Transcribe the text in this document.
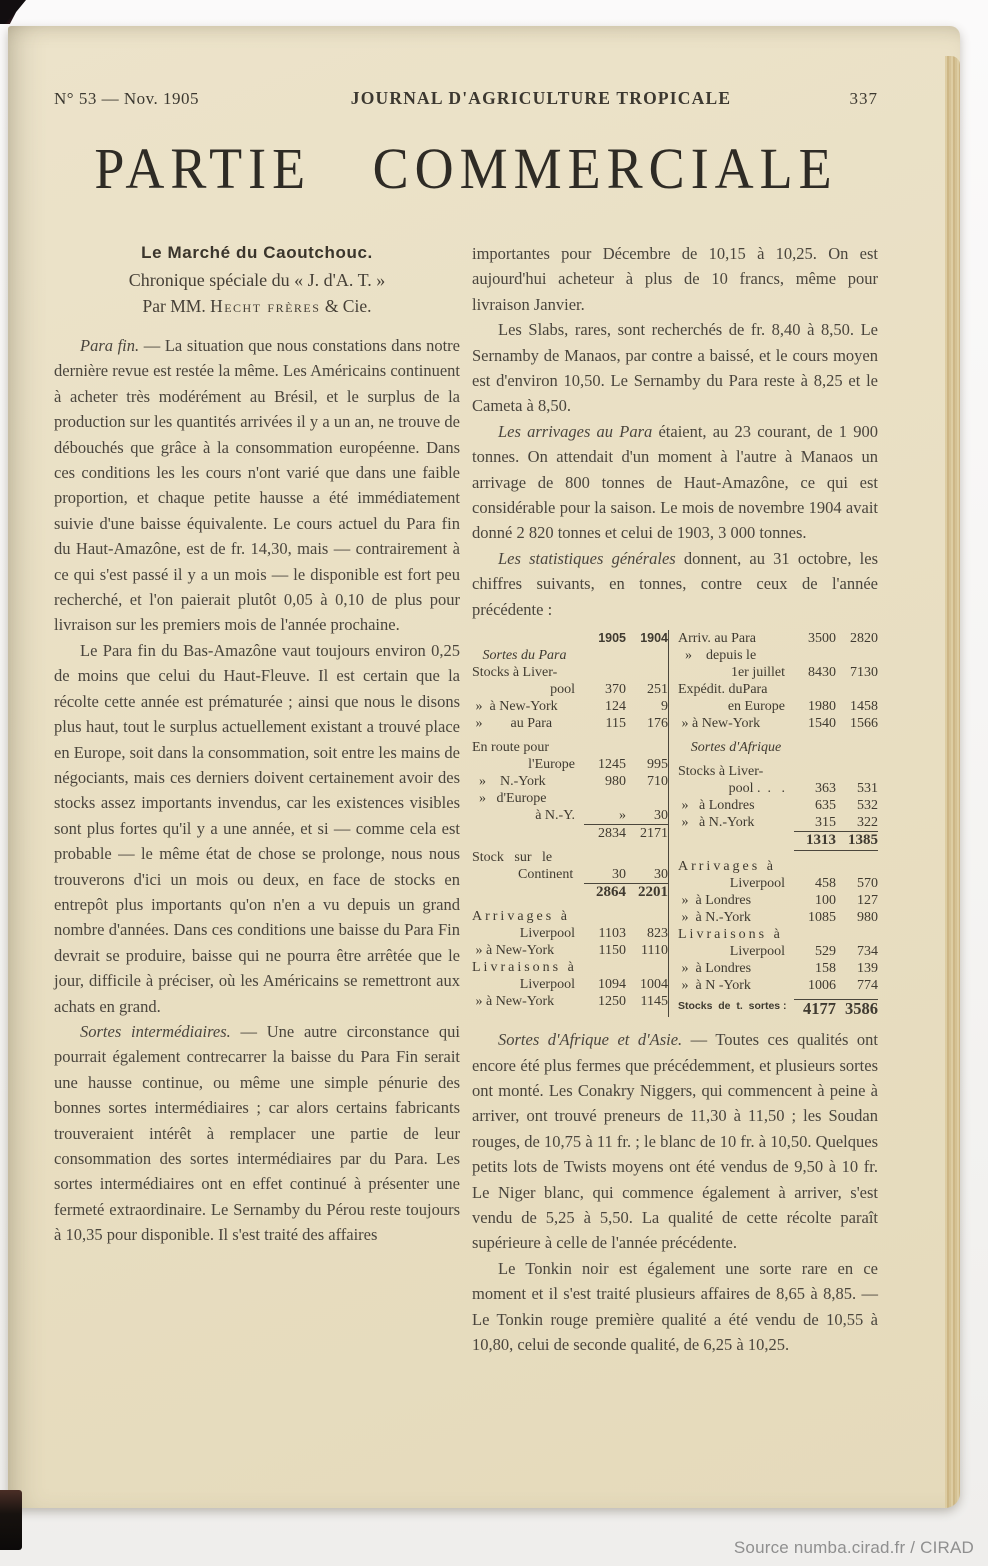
N° 53 — Nov. 1905	JOURNAL D'AGRICULTURE TROPICALE	337
PARTIE COMMERCIALE
Le Marché du Caoutchouc.
Chronique spéciale du « J. d'A. T. »
Par MM. Hecht frères & Cie.

Para fin. — La situation que nous constations dans notre dernière revue est restée la même. Les Américains continuent à acheter très modérément au Brésil, et le surplus de la production sur les quantités arrivées il y a un an, ne trouve de débouchés que grâce à la consommation européenne. Dans ces conditions les les cours n'ont varié que dans une faible proportion, et chaque petite hausse a été immédiatement suivie d'une baisse équivalente. Le cours actuel du Para fin du Haut-Amazône, est de fr. 14,30, mais — contrairement à ce qui s'est passé il y a un mois — le disponible est fort peu recherché, et l'on paierait plutôt 0,05 à 0,10 de plus pour livraison sur les premiers mois de l'année prochaine.

Le Para fin du Bas-Amazône vaut toujours environ 0,25 de moins que celui du Haut-Fleuve. Il est certain que la récolte cette année est prématurée ; ainsi que nous le disons plus haut, tout le surplus actuellement existant a trouvé place en Europe, soit dans la consommation, soit entre les mains de négociants, mais ces derniers doivent certainement avoir des stocks assez importants invendus, car les existences visibles sont plus fortes qu'il y a une année, et si — comme cela est probable — le même état de chose se prolonge, nous nous trouverons d'ici un mois ou deux, en face de stocks en entrepôt plus importants qu'on n'en a vu depuis un grand nombre d'années. Dans ces conditions une baisse du Para Fin devrait se produire, baisse qui ne pourra être arrêtée que le jour, difficile à préciser, où les Américains se remettront aux achats en grand.

Sortes intermédiaires. — Une autre circonstance qui pourrait également contrecarrer la baisse du Para Fin serait une hausse continue, ou même une simple pénurie des bonnes sortes intermédiaires ; car alors certains fabricants trouveraient intérêt à remplacer une partie de leur consommation des sortes intermédiaires par du Para. Les sortes intermédiaires ont en effet continué à présenter une fermeté extraordinaire. Le Sernamby du Pérou reste toujours à 10,35 pour disponible. Il s'est traité des affaires

importantes pour Décembre de 10,15 à 10,25. On est aujourd'hui acheteur à plus de 10 francs, même pour livraison Janvier.

Les Slabs, rares, sont recherchés de fr. 8,40 à 8,50. Le Sernamby de Manaos, par contre a baissé, et le cours moyen est d'environ 10,50. Le Sernamby du Para reste à 8,25 et le Cameta à 8,50.

Les arrivages au Para étaient, au 23 courant, de 1 900 tonnes. On attendait d'un moment à l'autre à Manaos un arrivage de 800 tonnes de Haut-Amazône, ce qui est considérable pour la saison. Le mois de novembre 1904 avait donné 2 820 tonnes et celui de 1903, 3 000 tonnes.

Les statistiques générales donnent, au 31 octobre, les chiffres suivants, en tonnes, contre ceux de l'année précédente :

1905	1904
Sortes du Para
Stocks à Liver-
pool	370	251
»  à New-York	124	9
»        au Para	115	176
En route pour
l'Europe	1245	995
»    N.-York	980	710
»   d'Europe
à N.-Y.	»	30
2834	2171
Stock   sur   le
Continent	30	30
2864 2201
Arrivages à
Liverpool	1103	823
» à New-York	1150	1110
Livraisons à
Liverpool	1094	1004
» à New-York	1250	1145
Arriv. au Para	3500	2820
»    depuis le
1er juillet	8430	7130
Expédit. duPara
en Europe	1980	1458
» à New-York	1540	1566
Sortes d'Afrique
Stocks à Liver-
pool .  .   .	363	531
»   à Londres	635	532
»   à N.-York	315	322
1313 1385
Arrivages à
Liverpool	458	570
»  à Londres	100	127
»  à N.-York	1085	980
Livraisons à
Liverpool	529	734
»  à Londres	158	139
»  à N -York	1006	774
Stocks  de  t.  sortes : 4177 3586

Sortes d'Afrique et d'Asie. — Toutes ces qualités ont encore été plus fermes que précédemment, et plusieurs sortes ont monté. Les Conakry Niggers, qui commencent à peine à arriver, ont trouvé preneurs de 11,30 à 11,50 ; les Soudan rouges, de 10,75 à 11 fr. ; le blanc de 10 fr. à 10,50. Quelques petits lots de Twists moyens ont été vendus de 9,50 à 10 fr. Le Niger blanc, qui commence également à arriver, s'est vendu de 5,25 à 5,50. La qualité de cette récolte paraît supérieure à celle de l'année précédente.

Le Tonkin noir est également une sorte rare en ce moment et il s'est traité plusieurs affaires de 8,65 à 8,85. — Le Tonkin rouge première qualité a été vendu de 10,55 à 10,80, celui de seconde qualité, de 6,25 à 10,25.

Source numba.cirad.fr / CIRAD
